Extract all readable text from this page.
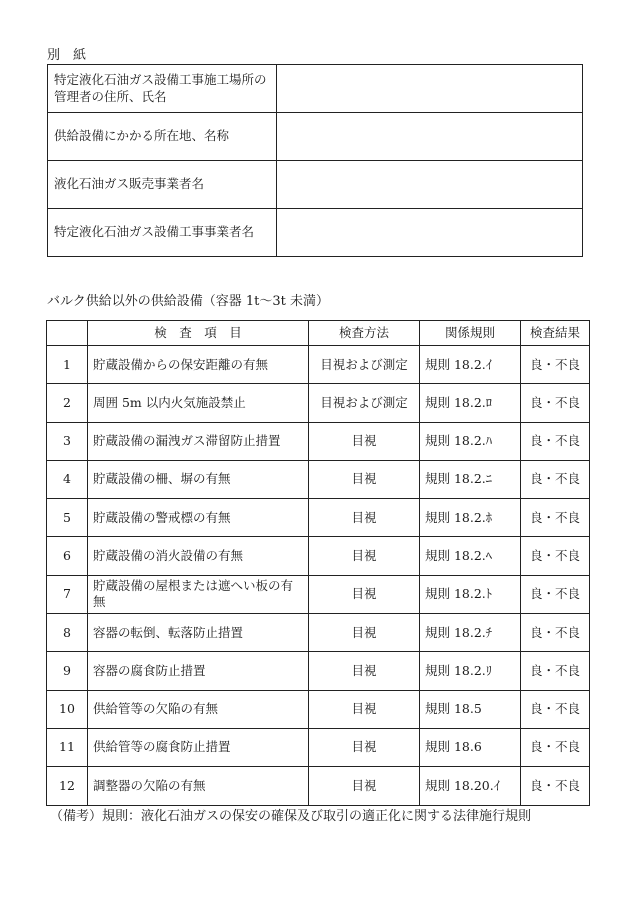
別　紙
特定液化石油ガス設備工事施工場所の管理者の住所、氏名	
供給設備にかかる所在地、名称	
液化石油ガス販売事業者名	
特定液化石油ガス設備工事事業者名	
バルク供給以外の供給設備（容器 1t～3t 未満）
	検　査　項　目	検査方法	関係規則	検査結果
1	貯蔵設備からの保安距離の有無	目視および測定	規則 18.2.ｲ	良・不良
2	周囲 5m 以内火気施設禁止	目視および測定	規則 18.2.ﾛ	良・不良
3	貯蔵設備の漏洩ガス滞留防止措置	目視	規則 18.2.ﾊ	良・不良
4	貯蔵設備の柵、塀の有無	目視	規則 18.2.ﾆ	良・不良
5	貯蔵設備の警戒標の有無	目視	規則 18.2.ﾎ	良・不良
6	貯蔵設備の消火設備の有無	目視	規則 18.2.ﾍ	良・不良
7	貯蔵設備の屋根または遮へい板の有無	目視	規則 18.2.ﾄ	良・不良
8	容器の転倒、転落防止措置	目視	規則 18.2.ﾁ	良・不良
9	容器の腐食防止措置	目視	規則 18.2.ﾘ	良・不良
10	供給管等の欠陥の有無	目視	規則 18.5	良・不良
11	供給管等の腐食防止措置	目視	規則 18.6	良・不良
12	調整器の欠陥の有無	目視	規則 18.20.ｲ	良・不良
（備考）規則：液化石油ガスの保安の確保及び取引の適正化に関する法律施行規則
